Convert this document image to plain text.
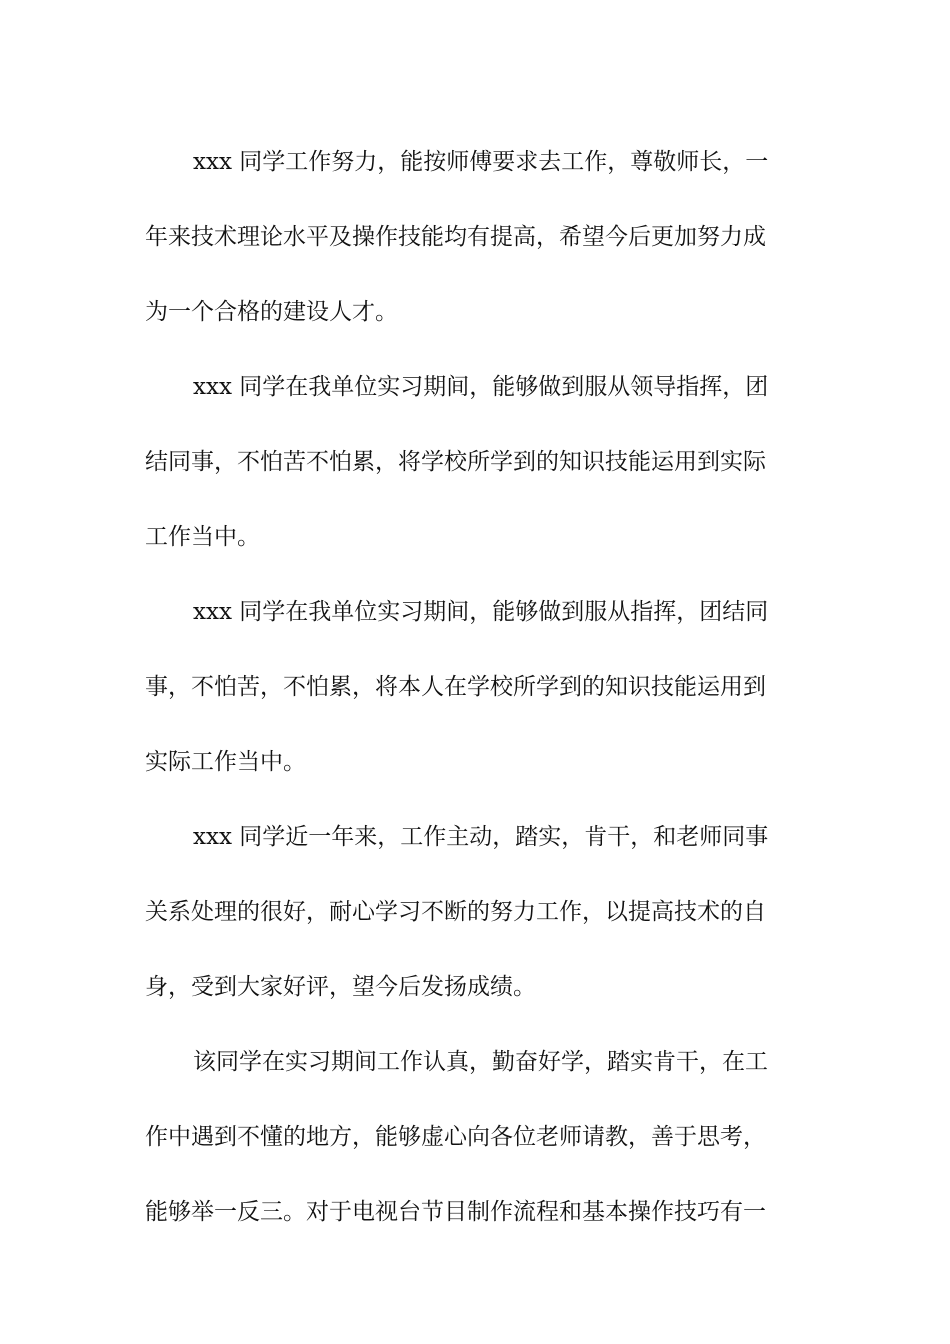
xxx 同学工作努力，能按师傅要求去工作，尊敬师长，一
年来技术理论水平及操作技能均有提高，希望今后更加努力成
为一个合格的建设人才。
xxx 同学在我单位实习期间，能够做到服从领导指挥，团
结同事，不怕苦不怕累，将学校所学到的知识技能运用到实际
工作当中。
xxx 同学在我单位实习期间，能够做到服从指挥，团结同
事，不怕苦，不怕累，将本人在学校所学到的知识技能运用到
实际工作当中。
xxx 同学近一年来，工作主动，踏实，肯干，和老师同事
关系处理的很好，耐心学习不断的努力工作，以提高技术的自
身，受到大家好评，望今后发扬成绩。
该同学在实习期间工作认真，勤奋好学，踏实肯干，在工
作中遇到不懂的地方，能够虚心向各位老师请教，善于思考，
能够举一反三。对于电视台节目制作流程和基本操作技巧有一
